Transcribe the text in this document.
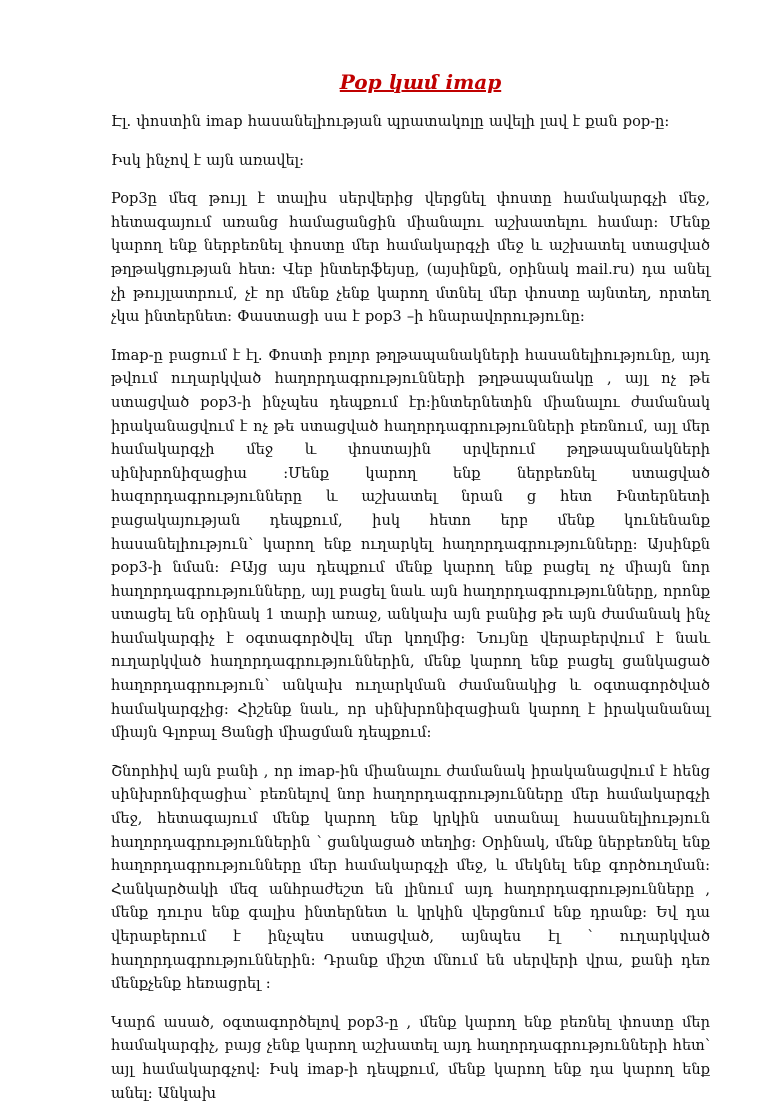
Pop կամ imap

Էլ. փոստին imap հասանելիության պրատակոլը ավելի լավ է քան pop-ը:

Իսկ ինչով է այն առավել:

Pop3ը մեզ թույլ է տալիս սերվերից վերցնել փոստը համակարգչի մեջ, հետագայում առանց համացանցին միանալու աշխատելու համար: Մենք կարող ենք ներբեռնել փոստը մեր համակարգչի մեջ և աշխատել ստացված թղթակցության հետ: Վեբ ինտերֆեյսը, (այսինքն, օրինակ mail.ru) դա անել չի թույլատրում, չէ որ մենք չենք կարող մտնել մեր փոստը այնտեղ, որտեղ չկա ինտերնետ: Փաստացի սա է pop3 –ի հնարավորությունը:

Imap-ը բացում է էլ. Փոստի բոլոր թղթապանակների հասանելիությունը, այդ թվում ուղարկված հաղորդագրությունների թղթապանակը , այլ ոչ թե ստացված pop3-ի ինչպես դեպքում էր:ինտերնետին միանալու ժամանակ իրականացվում է ոչ թե ստացված հաղորդագրությունների բեռնում, այլ մեր համակարգչի մեջ և փոստային սրվերում թղթապանակների սինխրոնիզացիա :Մենք կարող ենք ներբեռնել ստացված հազորդագրությունները և աշխատել նրան ց հետ Ինտերնետի բացակայության դեպքում, իսկ հետո երբ մենք կունենանք հասանելիություն՝ կարող ենք ուղարկել հաղորդագրությունները: Այսինքն pop3-ի նման: ԲԱյց այս դեպքում մենք կարող ենք բացել ոչ միայն նոր հաղորդագրությունները, այլ բացել նաև այն հաղորդագրությունները, որոնք ստացել են օրինակ 1 տարի առաջ, անկախ այն բանից թե այն ժամանակ ինչ համակարգիչ է օգտագործվել մեր կողմից: Նույնը վերաբերվում է նաև ուղարկված հաղորդագրություններին, մենք կարող ենք բացել ցանկացած հաղորդագրություն՝ անկախ ուղարկման ժամանակից և օգտագործված համակարգչից: Հիշենք նաև, որ սինխրոնիզացիան կարող է իրականանալ միայն Գլոբալ Ցանցի միացման դեպքում:

Շնորհիվ այն բանի , որ imap-ին միանալու ժամանակ իրականացվում է հենց սինխրոնիզացիա՝ բեռնելով նոր հաղորդագրությունները մեր համակարգչի մեջ, հետագայում մենք կարող ենք կրկին ստանալ հասանելիություն հաղորդագրություններին ՝ ցանկացած տեղից: Օրինակ, մենք ներբեռնել ենք հաղորդագրությունները մեր համակարգչի մեջ, և մեկնել ենք գործուղման: Հանկարծակի մեզ անհրաժեշտ են լինում այդ հաղորդագրությունները , մենք դուրս ենք գալիս ինտերնետ և կրկին վերցնում ենք դրանք: Եվ դա վերաբերում է ինչպես ստացված, այնպես էլ ՝ ուղարկված հաղորդագրություններին: Դրանք միշտ մնում են սերվերի վրա, քանի դեռ մենքչենք հեռացրել :

Կարճ ասած, օգտագործելով pop3-ը , մենք կարող ենք բեռնել փոստը մեր համակարգիչ, բայց չենք կարող աշխատել այդ հաղորդագրությունների հետ՝ այլ համակարգչով: Իսկ imap-ի դեպքում, մենք կարող ենք դա կարող ենք անել: Անկախ
